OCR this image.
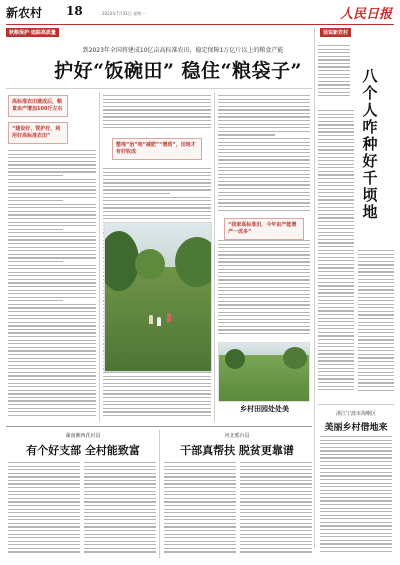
新农村 18	2023年7月31日 星期一	人民日报
秋粮保护·追踪高质量	话说新农村
到2023年全国将建成10亿亩高标准农田，稳定保障1万亿斤以上的粮食产能
护好“饭碗田” 稳住“粮袋子”
高标准农田建成后，粮食亩产增加100斤左右
“建设好、管护好、利用好高标准农田”
整地“治”地“减肥”“增质”，田地才有好收成
“我家高标准田，今年亩产能增产一成多”
乡村田园处处美
八个人咋种好千顷地
浙江宁波市海曙区
美丽乡村借地来
湖南湘西花垣县
有个好支部 全村能致富
河北邢台县
干部真帮扶 脱贫更靠谱
